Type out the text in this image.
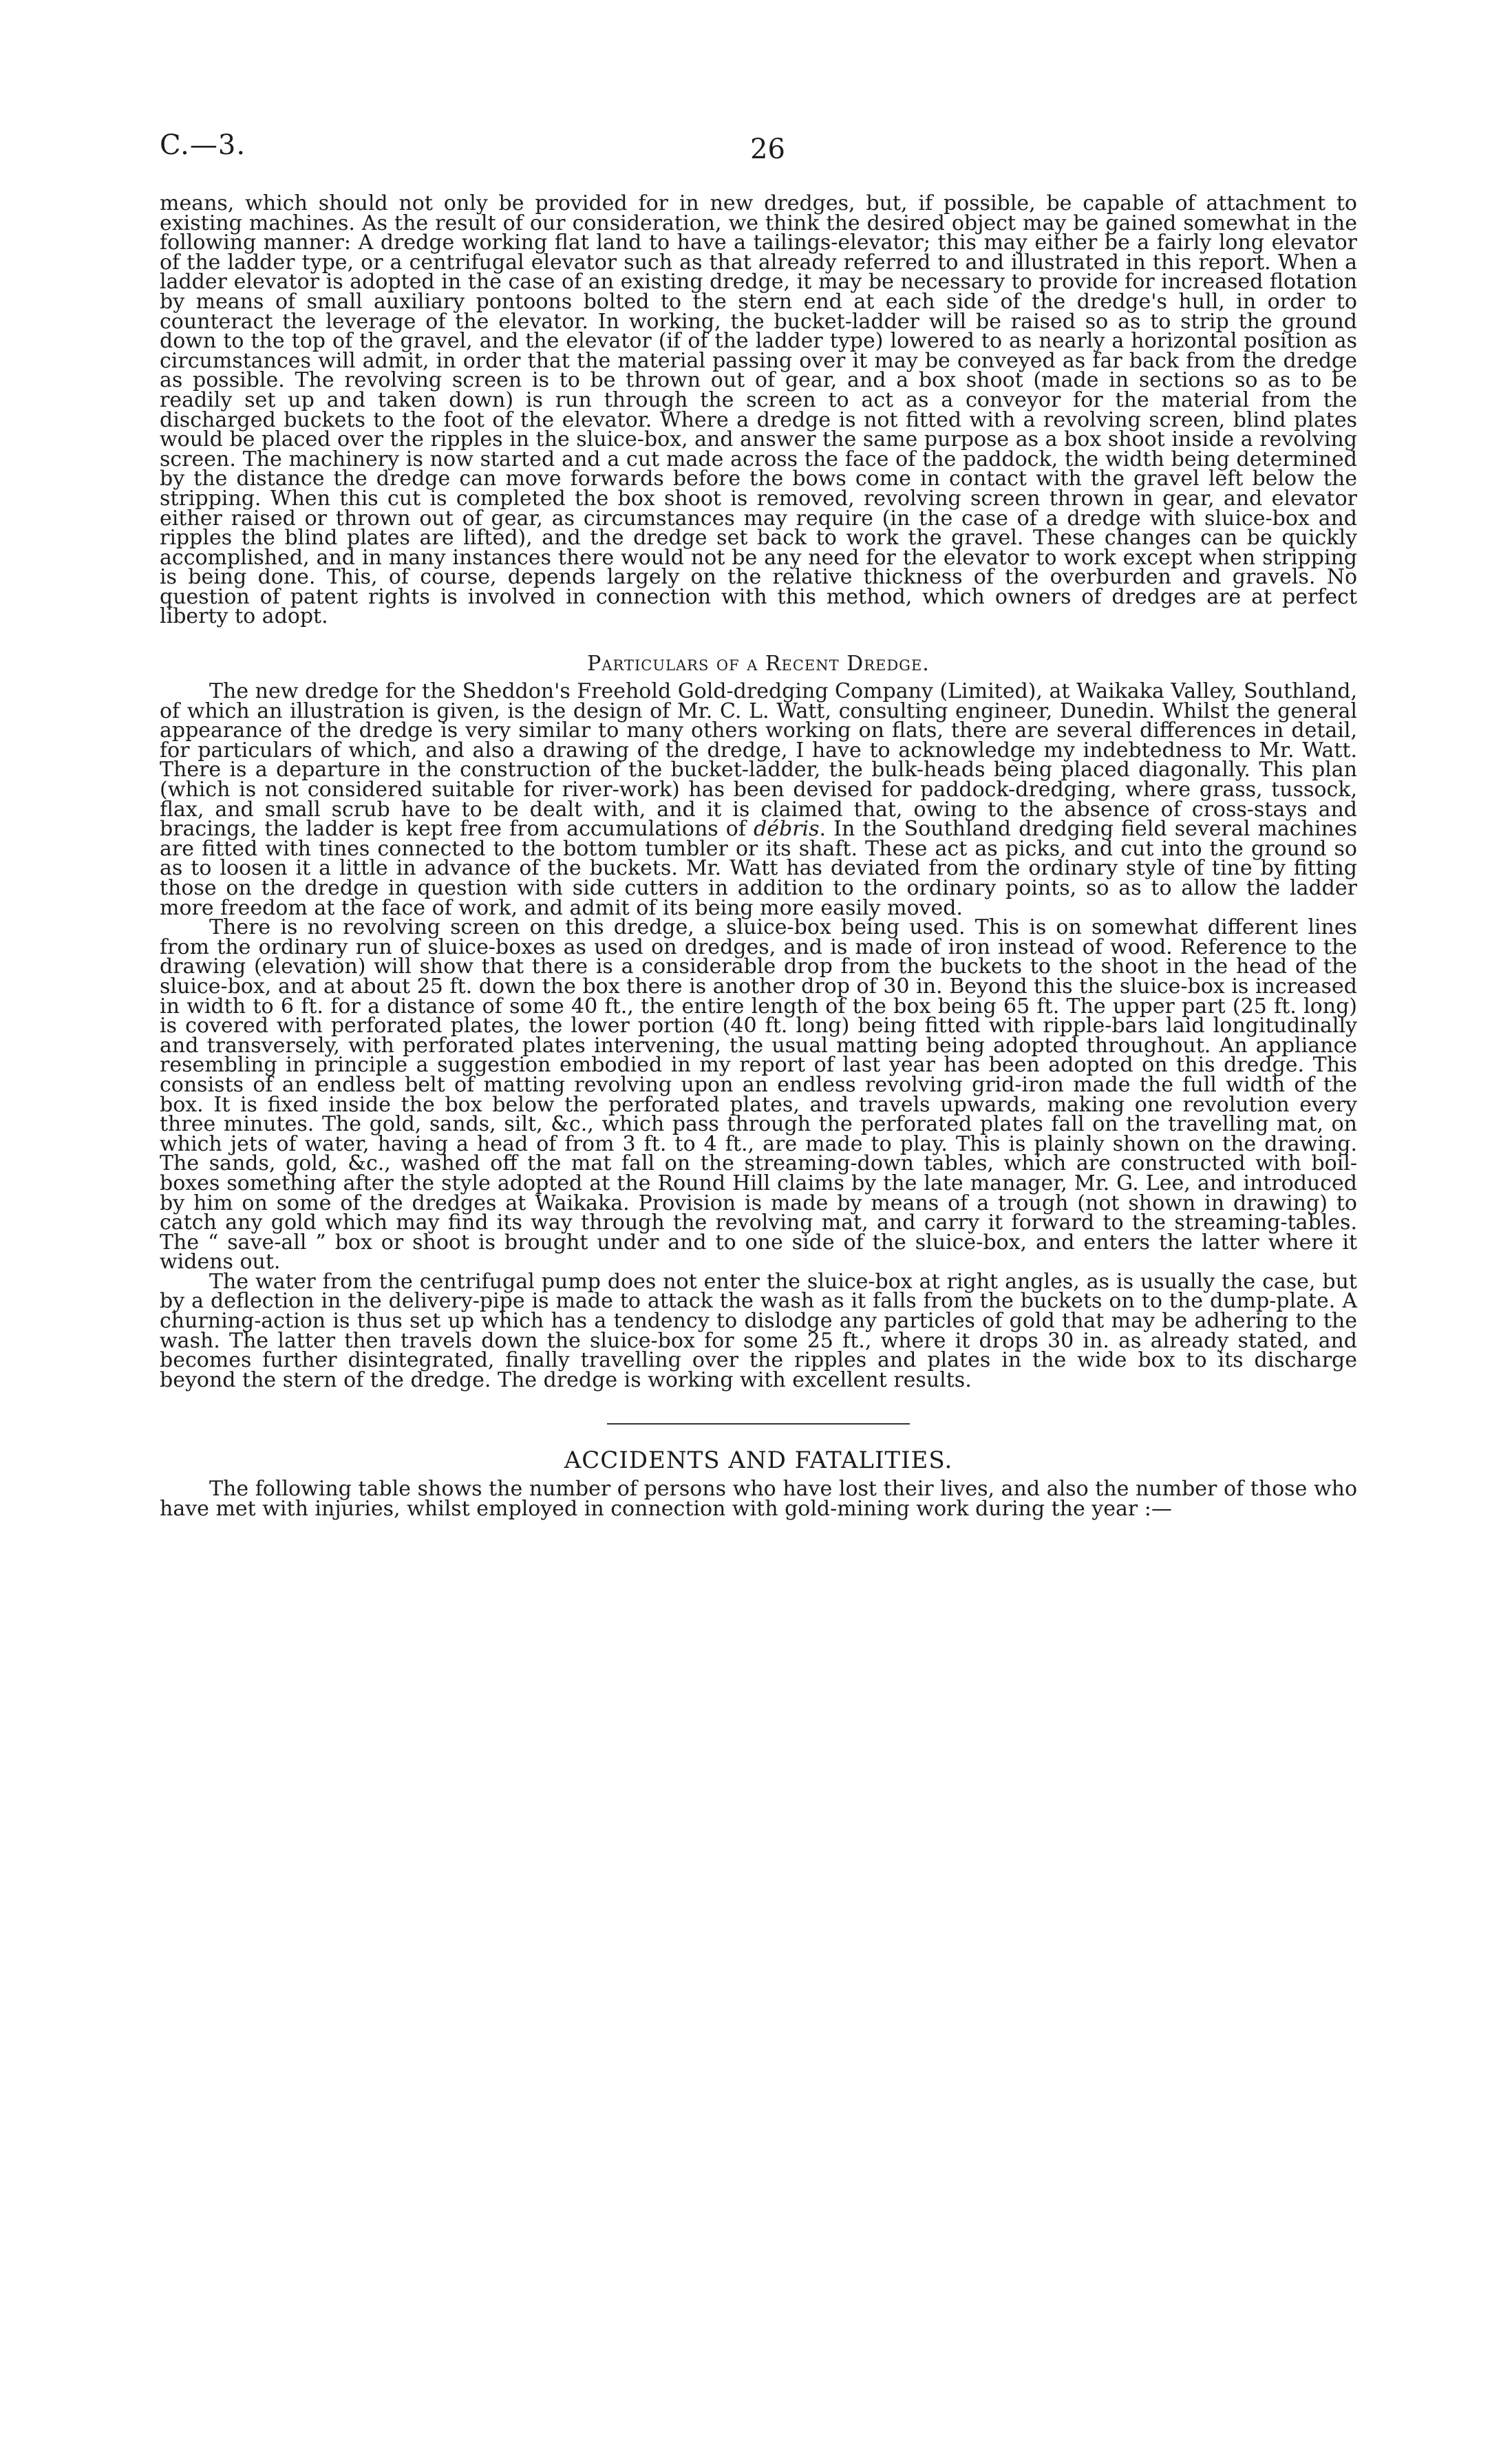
C.—3.	26

means, which should not only be provided for in new dredges, but, if possible, be capable of attachment to existing machines. As the result of our consideration, we think the desired object may be gained somewhat in the following manner: A dredge working flat land to have a tailings-elevator; this may either be a fairly long elevator of the ladder type, or a centrifugal elevator such as that already referred to and illustrated in this report. When a ladder elevator is adopted in the case of an existing dredge, it may be necessary to provide for increased flotation by means of small auxiliary pontoons bolted to the stern end at each side of the dredge's hull, in order to counteract the leverage of the elevator. In working, the bucket-ladder will be raised so as to strip the ground down to the top of the gravel, and the elevator (if of the ladder type) lowered to as nearly a horizontal position as circumstances will admit, in order that the material passing over it may be conveyed as far back from the dredge as possible. The revolving screen is to be thrown out of gear, and a box shoot (made in sections so as to be readily set up and taken down) is run through the screen to act as a conveyor for the material from the discharged buckets to the foot of the elevator. Where a dredge is not fitted with a revolving screen, blind plates would be placed over the ripples in the sluice-box, and answer the same purpose as a box shoot inside a revolving screen. The machinery is now started and a cut made across the face of the paddock, the width being determined by the distance the dredge can move forwards before the bows come in contact with the gravel left below the stripping. When this cut is completed the box shoot is removed, revolving screen thrown in gear, and elevator either raised or thrown out of gear, as circumstances may require (in the case of a dredge with sluice-box and ripples the blind plates are lifted), and the dredge set back to work the gravel. These changes can be quickly accomplished, and in many instances there would not be any need for the elevator to work except when stripping is being done. This, of course, depends largely on the relative thickness of the overburden and gravels. No question of patent rights is involved in connection with this method, which owners of dredges are at perfect liberty to adopt.

Particulars of a Recent Dredge.

The new dredge for the Sheddon's Freehold Gold-dredging Company (Limited), at Waikaka Valley, Southland, of which an illustration is given, is the design of Mr. C. L. Watt, consulting engineer, Dunedin. Whilst the general appearance of the dredge is very similar to many others working on flats, there are several differences in detail, for particulars of which, and also a drawing of the dredge, I have to acknowledge my indebtedness to Mr. Watt. There is a departure in the construction of the bucket-ladder, the bulk-heads being placed diagonally. This plan (which is not considered suitable for river-work) has been devised for paddock-dredging, where grass, tussock, flax, and small scrub have to be dealt with, and it is claimed that, owing to the absence of cross-stays and bracings, the ladder is kept free from accumulations of débris. In the Southland dredging field several machines are fitted with tines connected to the bottom tumbler or its shaft. These act as picks, and cut into the ground so as to loosen it a little in advance of the buckets. Mr. Watt has deviated from the ordinary style of tine by fitting those on the dredge in question with side cutters in addition to the ordinary points, so as to allow the ladder more freedom at the face of work, and admit of its being more easily moved.

There is no revolving screen on this dredge, a sluice-box being used. This is on somewhat different lines from the ordinary run of sluice-boxes as used on dredges, and is made of iron instead of wood. Reference to the drawing (elevation) will show that there is a considerable drop from the buckets to the shoot in the head of the sluice-box, and at about 25 ft. down the box there is another drop of 30 in. Beyond this the sluice-box is increased in width to 6 ft. for a distance of some 40 ft., the entire length of the box being 65 ft. The upper part (25 ft. long) is covered with perforated plates, the lower portion (40 ft. long) being fitted with ripple-bars laid longitudinally and transversely, with perforated plates intervening, the usual matting being adopted throughout. An appliance resembling in principle a suggestion embodied in my report of last year has been adopted on this dredge. This consists of an endless belt of matting revolving upon an endless revolving grid-iron made the full width of the box. It is fixed inside the box below the perforated plates, and travels upwards, making one revolution every three minutes. The gold, sands, silt, &c., which pass through the perforated plates fall on the travelling mat, on which jets of water, having a head of from 3 ft. to 4 ft., are made to play. This is plainly shown on the drawing. The sands, gold, &c., washed off the mat fall on the streaming-down tables, which are constructed with boil-boxes something after the style adopted at the Round Hill claims by the late manager, Mr. G. Lee, and introduced by him on some of the dredges at Waikaka. Provision is made by means of a trough (not shown in drawing) to catch any gold which may find its way through the revolving mat, and carry it forward to the streaming-tables. The “ save-all ” box or shoot is brought under and to one side of the sluice-box, and enters the latter where it widens out.

The water from the centrifugal pump does not enter the sluice-box at right angles, as is usually the case, but by a deflection in the delivery-pipe is made to attack the wash as it falls from the buckets on to the dump-plate. A churning-action is thus set up which has a tendency to dislodge any particles of gold that may be adhering to the wash. The latter then travels down the sluice-box for some 25 ft., where it drops 30 in. as already stated, and becomes further disintegrated, finally travelling over the ripples and plates in the wide box to its discharge beyond the stern of the dredge. The dredge is working with excellent results.

ACCIDENTS AND FATALITIES.

The following table shows the number of persons who have lost their lives, and also the number of those who have met with injuries, whilst employed in connection with gold-mining work during the year :—
